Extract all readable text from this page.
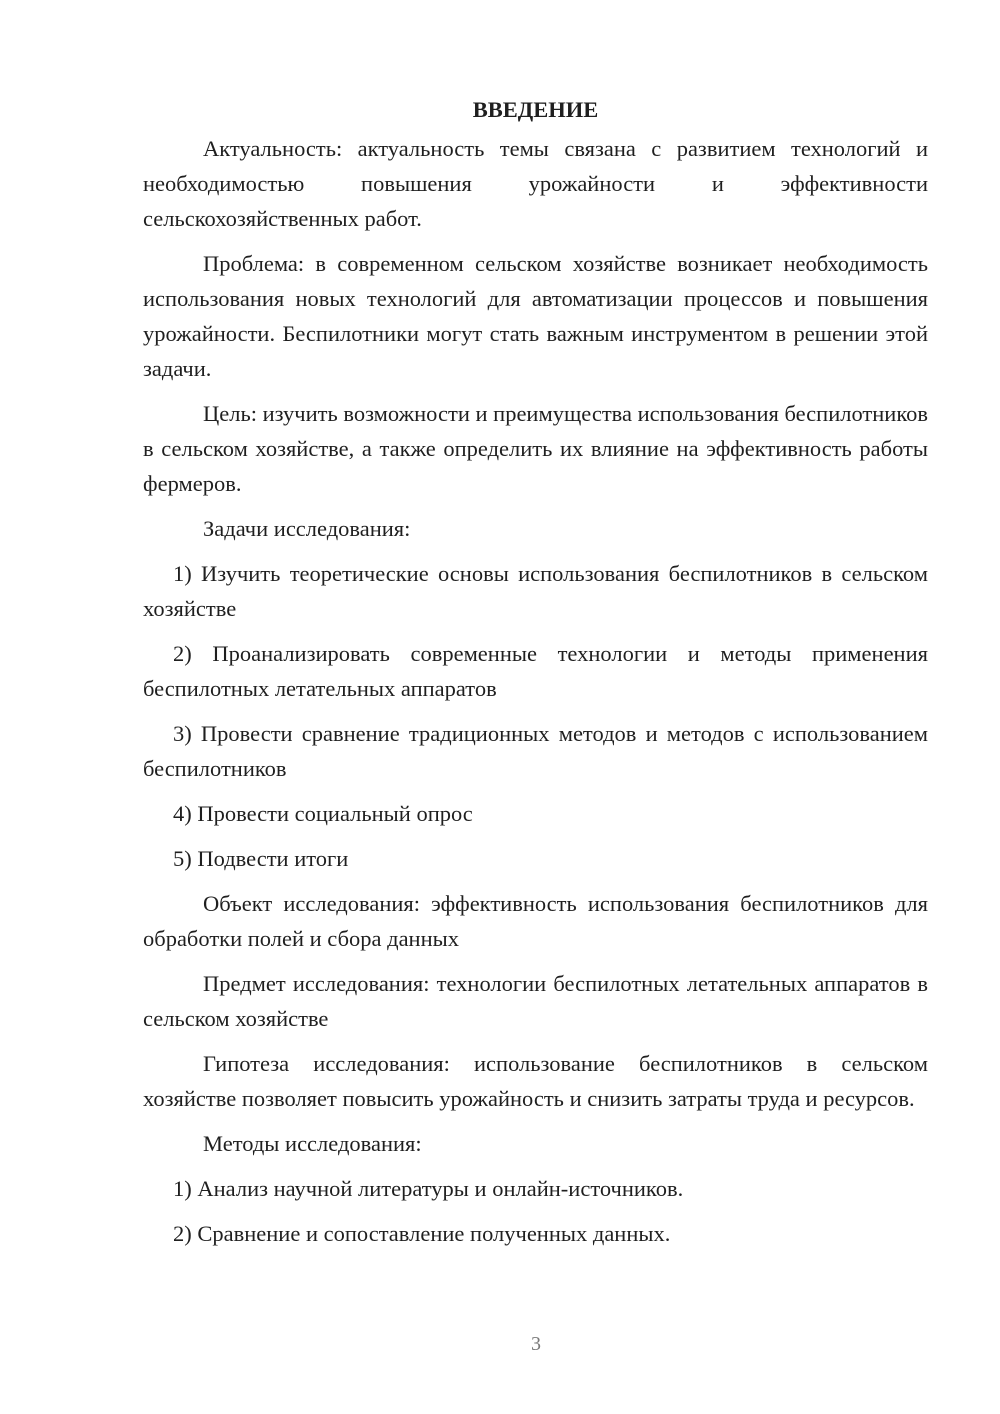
ВВЕДЕНИЕ

Актуальность: актуальность темы связана с развитием технологий и необходимостью повышения урожайности и эффективности сельскохозяйственных работ.

Проблема: в современном сельском хозяйстве возникает необходимость использования новых технологий для автоматизации процессов и повышения урожайности. Беспилотники могут стать важным инструментом в решении этой задачи.

Цель: изучить возможности и преимущества использования беспилотников в сельском хозяйстве, а также определить их влияние на эффективность работы фермеров.

Задачи исследования:

1) Изучить теоретические основы использования беспилотников в сельском хозяйстве

2) Проанализировать современные технологии и методы применения беспилотных летательных аппаратов

3) Провести сравнение традиционных методов и методов с использованием беспилотников

4) Провести социальный опрос

5) Подвести итоги

Объект исследования: эффективность использования беспилотников для обработки полей и сбора данных

Предмет исследования: технологии беспилотных летательных аппаратов в сельском хозяйстве

Гипотеза исследования: использование беспилотников в сельском хозяйстве позволяет повысить урожайность и снизить затраты труда и ресурсов.

Методы исследования:

1) Анализ научной литературы и онлайн-источников.

2) Сравнение и сопоставление полученных данных.

3
